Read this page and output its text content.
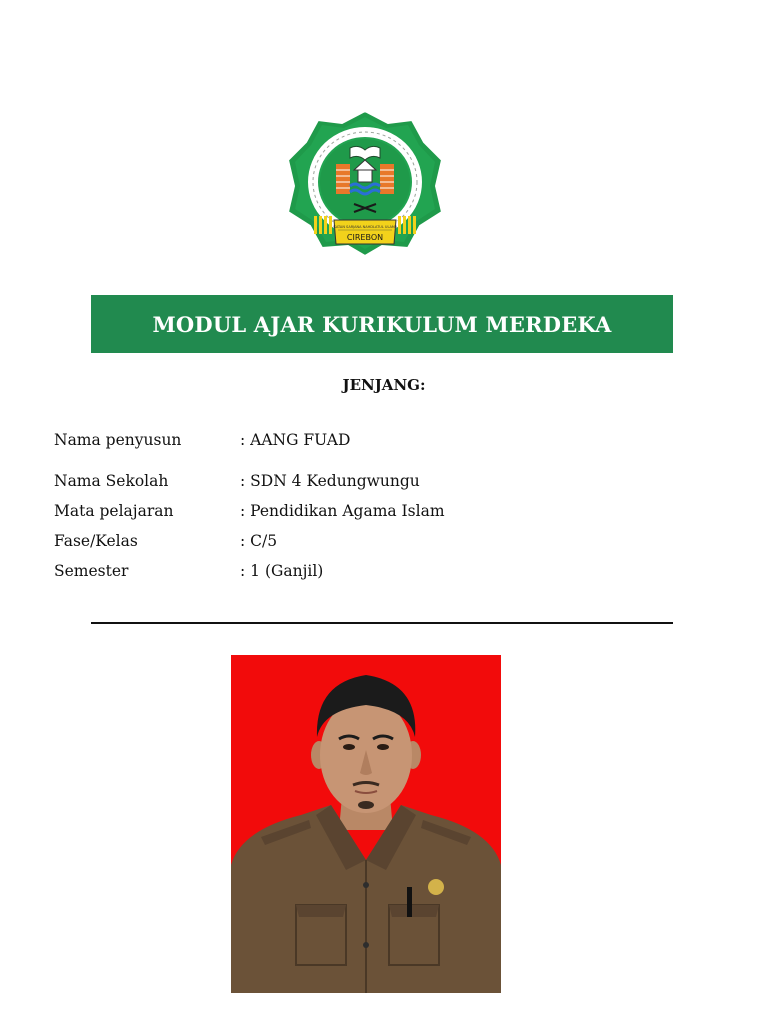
IKATAN SARJANA NAHDLATUL ULAMA
CIREBON
MODUL AJAR KURIKULUM MERDEKA
JENJANG:
Nama penyusun	: AANG FUAD
Nama Sekolah	: SDN 4 Kedungwungu
Mata pelajaran	: Pendidikan Agama Islam
Fase/Kelas	: C/5
Semester	: 1 (Ganjil)
